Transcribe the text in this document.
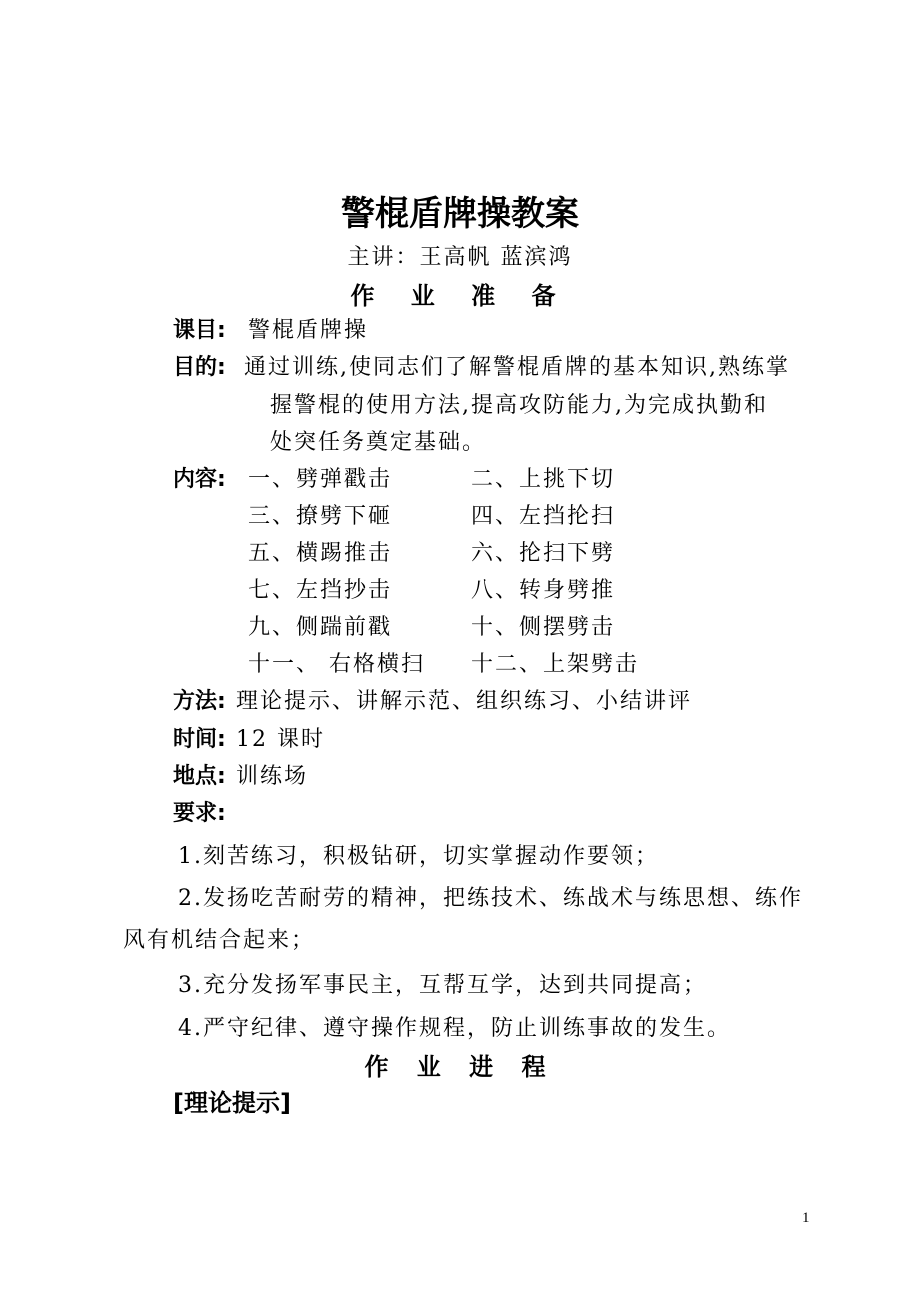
警棍盾牌操教案
主讲：王高帆 蓝滨鸿
作 业 准 备
课目: 警棍盾牌操
目的: 通过训练,使同志们了解警棍盾牌的基本知识,熟练掌
握警棍的使用方法,提高攻防能力,为完成执勤和
处突任务奠定基础。
内容: 一、劈弹戳击	二、上挑下切
三、撩劈下砸	四、左挡抡扫
五、横踢推击	六、抡扫下劈
七、左挡抄击	八、转身劈推
九、侧踹前戳	十、侧摆劈击
十一、 右格横扫 十二、上架劈击
方法: 理论提示、讲解示范、组织练习、小结讲评
时间: 12 课时
地点: 训练场
要求:
1.刻苦练习，积极钻研，切实掌握动作要领；
2.发扬吃苦耐劳的精神，把练技术、练战术与练思想、练作
风有机结合起来；
3.充分发扬军事民主，互帮互学，达到共同提高；
4.严守纪律、遵守操作规程，防止训练事故的发生。
作 业 进 程
[理论提示]
1
